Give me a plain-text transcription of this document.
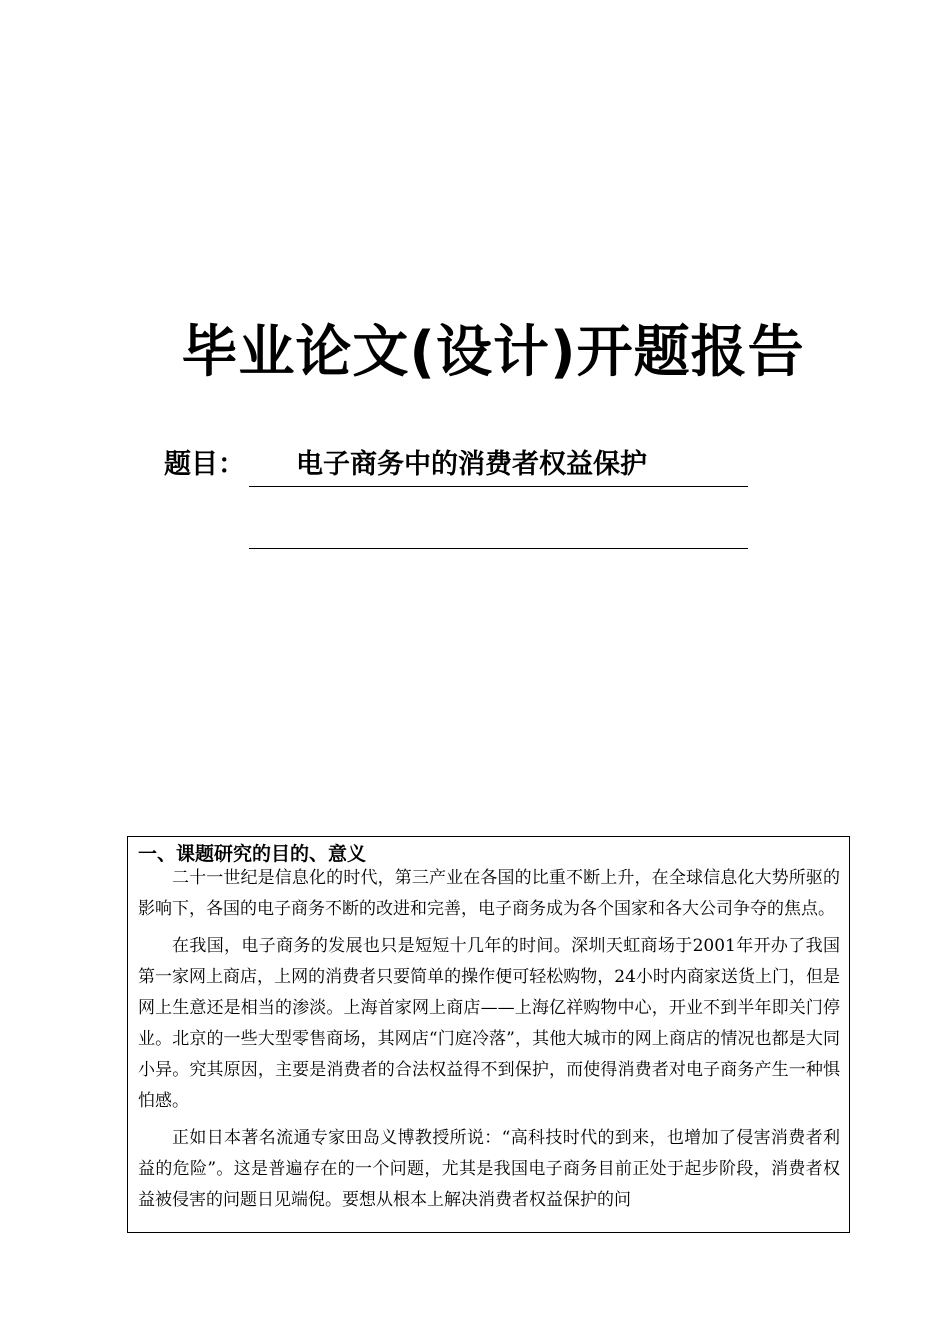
毕业论文(设计)开题报告
题目： 电子商务中的消费者权益保护
一、课题研究的目的、意义

二十一世纪是信息化的时代，第三产业在各国的比重不断上升，在全球信息化大势所驱的影响下，各国的电子商务不断的改进和完善，电子商务成为各个国家和各大公司争夺的焦点。

在我国，电子商务的发展也只是短短十几年的时间。深圳天虹商场于2001年开办了我国第一家网上商店，上网的消费者只要简单的操作便可轻松购物，24小时内商家送货上门，但是网上生意还是相当的渗淡。上海首家网上商店——上海亿祥购物中心，开业不到半年即关门停业。北京的一些大型零售商场，其网店“门庭冷落”，其他大城市的网上商店的情况也都是大同小异。究其原因，主要是消费者的合法权益得不到保护，而使得消费者对电子商务产生一种惧怕感。

正如日本著名流通专家田岛义博教授所说：“高科技时代的到来，也增加了侵害消费者利益的危险”。这是普遍存在的一个问题，尤其是我国电子商务目前正处于起步阶段，消费者权益被侵害的问题日见端倪。要想从根本上解决消费者权益保护的问
